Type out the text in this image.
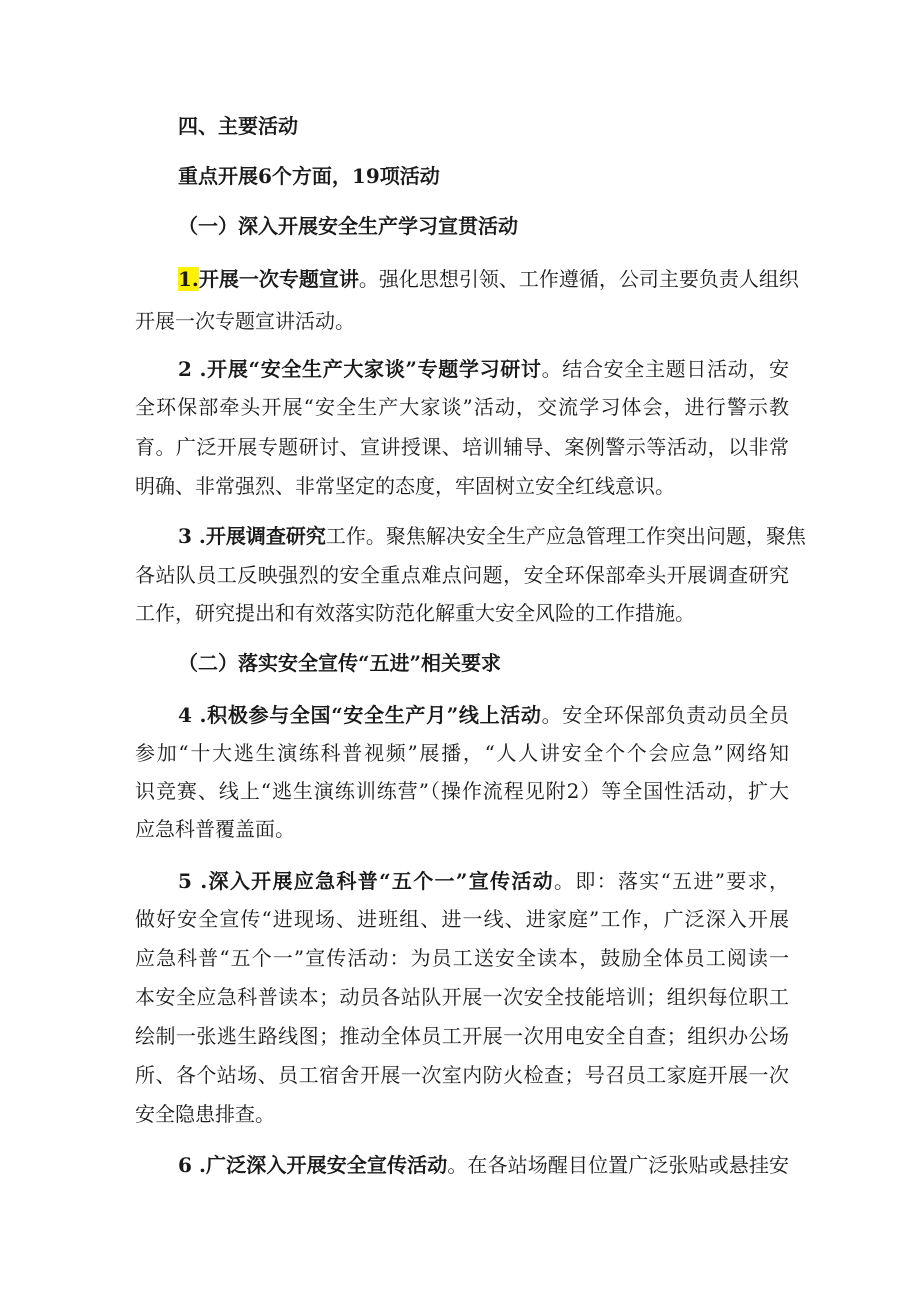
四、主要活动
重点开展6个方面，19项活动
（一）深入开展安全生产学习宣贯活动
1.开展一次专题宣讲。强化思想引领、工作遵循，公司主要负责人组织
开展一次专题宣讲活动。
2 .开展“安全生产大家谈”专题学习研讨。结合安全主题日活动，安
全环保部牵头开展“安全生产大家谈”活动，交流学习体会，进行警示教
育。广泛开展专题研讨、宣讲授课、培训辅导、案例警示等活动，以非常
明确、非常强烈、非常坚定的态度，牢固树立安全红线意识。
3 .开展调查研究工作。聚焦解决安全生产应急管理工作突出问题，聚焦
各站队员工反映强烈的安全重点难点问题，安全环保部牵头开展调查研究
工作，研究提出和有效落实防范化解重大安全风险的工作措施。
（二）落实安全宣传“五进”相关要求
4 .积极参与全国“安全生产月”线上活动。安全环保部负责动员全员
参加“十大逃生演练科普视频”展播，“人人讲安全个个会应急”网络知
识竞赛、线上“逃生演练训练营”（操作流程见附2）等全国性活动，扩大
应急科普覆盖面。
5 .深入开展应急科普“五个一”宣传活动。即：落实“五进”要求，
做好安全宣传“进现场、进班组、进一线、进家庭”工作，广泛深入开展
应急科普“五个一”宣传活动：为员工送安全读本，鼓励全体员工阅读一
本安全应急科普读本；动员各站队开展一次安全技能培训；组织每位职工
绘制一张逃生路线图；推动全体员工开展一次用电安全自查；组织办公场
所、各个站场、员工宿舍开展一次室内防火检查；号召员工家庭开展一次
安全隐患排查。
6 .广泛深入开展安全宣传活动。在各站场醒目位置广泛张贴或悬挂安
